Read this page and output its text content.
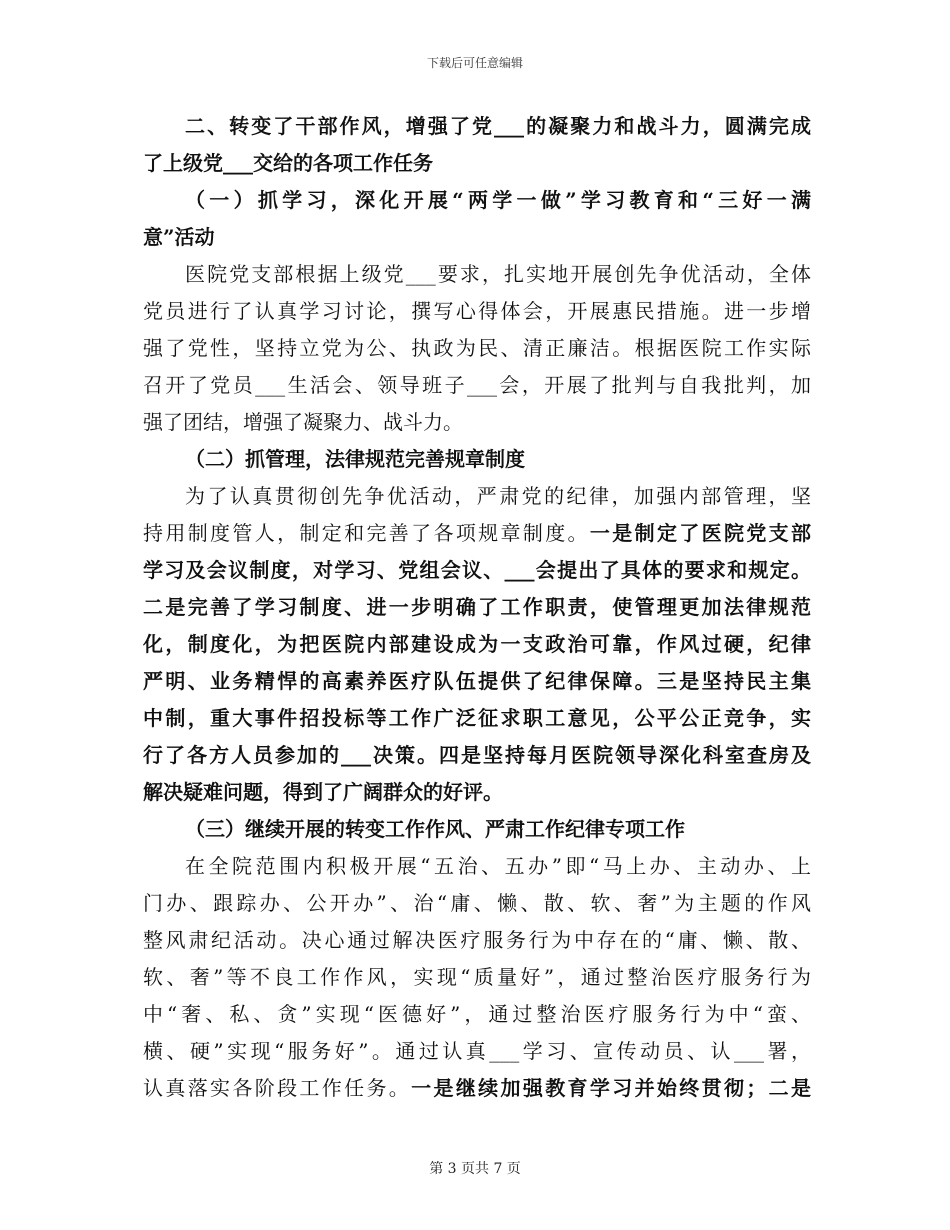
下载后可任意编辑
二、转变了干部作风，增强了党___的凝聚力和战斗力，圆满完成
了上级党___交给的各项工作任务
（一）抓学习，深化开展“两学一做”学习教育和“三好一满
意”活动
医院党支部根据上级党___要求，扎实地开展创先争优活动，全体
党员进行了认真学习讨论，撰写心得体会，开展惠民措施。进一步增
强了党性，坚持立党为公、执政为民、清正廉洁。根据医院工作实际
召开了党员___生活会、领导班子___会，开展了批判与自我批判，加
强了团结，增强了凝聚力、战斗力。
（二）抓管理，法律规范完善规章制度
为了认真贯彻创先争优活动，严肃党的纪律，加强内部管理，坚
持用制度管人，制定和完善了各项规章制度。一是制定了医院党支部
学习及会议制度，对学习、党组会议、___会提出了具体的要求和规定。
二是完善了学习制度、进一步明确了工作职责，使管理更加法律规范
化，制度化，为把医院内部建设成为一支政治可靠，作风过硬，纪律
严明、业务精悍的高素养医疗队伍提供了纪律保障。三是坚持民主集
中制，重大事件招投标等工作广泛征求职工意见，公平公正竞争，实
行了各方人员参加的___决策。四是坚持每月医院领导深化科室查房及
解决疑难问题，得到了广阔群众的好评。
（三）继续开展的转变工作作风、严肃工作纪律专项工作
在全院范围内积极开展“五治、五办”即“马上办、主动办、上
门办、跟踪办、公开办”、治“庸、懒、散、软、奢”为主题的作风
整风肃纪活动。决心通过解决医疗服务行为中存在的“庸、懒、散、
软、奢”等不良工作作风，实现“质量好”，通过整治医疗服务行为
中“奢、私、贪”实现“医德好”，通过整治医疗服务行为中“蛮、
横、硬”实现“服务好”。通过认真___学习、宣传动员、认___署，
认真落实各阶段工作任务。一是继续加强教育学习并始终贯彻；二是
第 3 页共 7 页
